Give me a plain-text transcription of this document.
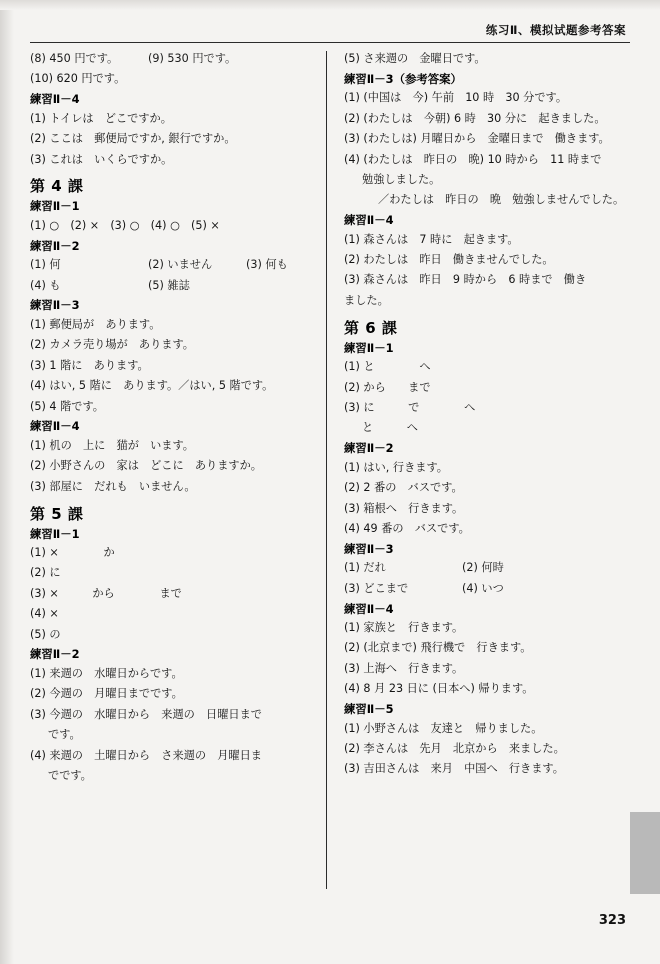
练习Ⅱ、模拟试题参考答案
(8) 450 円です。	(9) 530 円です。
(10) 620 円です。
練習Ⅱ－4
(1) トイレは　どこですか。
(2) ここは　郵便局ですか, 銀行ですか。
(3) これは　いくらですか。
第 4 課
練習Ⅱ－1
(1) ○　(2) ×　(3) ○　(4) ○　(5) ×
練習Ⅱ－2
(1) 何	(2) いません	(3) 何も
(4) も	(5) 雑誌
練習Ⅱ－3
(1) 郵便局が　あります。
(2) カメラ売り場が　あります。
(3) 1 階に　あります。
(4) はい, 5 階に　あります。／はい, 5 階です。
(5) 4 階です。
練習Ⅱ－4
(1) 机の　上に　猫が　います。
(2) 小野さんの　家は　どこに　ありますか。
(3) 部屋に　だれも　いません。
第 5 課
練習Ⅱ－1
(1) ×　　　　か
(2) に
(3) ×　　　から　　　　まで
(4) ×
(5) の
練習Ⅱ－2
(1) 来週の　水曜日からです。
(2) 今週の　月曜日までです。
(3) 今週の　水曜日から　来週の　日曜日まで
です。
(4) 来週の　土曜日から　さ来週の　月曜日ま
でです。
(5) さ来週の　金曜日です。
練習Ⅱ－3（参考答案）
(1) (中国は　今) 午前　10 時　30 分です。
(2) (わたしは　今朝) 6 時　30 分に　起きました。
(3) (わたしは) 月曜日から　金曜日まで　働きます。
(4) (わたしは　昨日の　晩) 10 時から　11 時まで
勉強しました。
／わたしは　昨日の　晩　勉強しませんでした。
練習Ⅱ－4
(1) 森さんは　7 時に　起きます。
(2) わたしは　昨日　働きませんでした。
(3) 森さんは　昨日　9 時から　6 時まで　働き
ました。
第 6 課
練習Ⅱ－1
(1) と　　　　へ
(2) から　　まで
(3) に　　　で　　　　へ
と　　　へ
練習Ⅱ－2
(1) はい, 行きます。
(2) 2 番の　バスです。
(3) 箱根へ　行きます。
(4) 49 番の　バスです。
練習Ⅱ－3
(1) だれ	(2) 何時
(3) どこまで	(4) いつ
練習Ⅱ－4
(1) 家族と　行きます。
(2) (北京まで) 飛行機で　行きます。
(3) 上海へ　行きます。
(4) 8 月 23 日に (日本へ) 帰ります。
練習Ⅱ－5
(1) 小野さんは　友達と　帰りました。
(2) 李さんは　先月　北京から　来ました。
(3) 吉田さんは　来月　中国へ　行きます。
323
